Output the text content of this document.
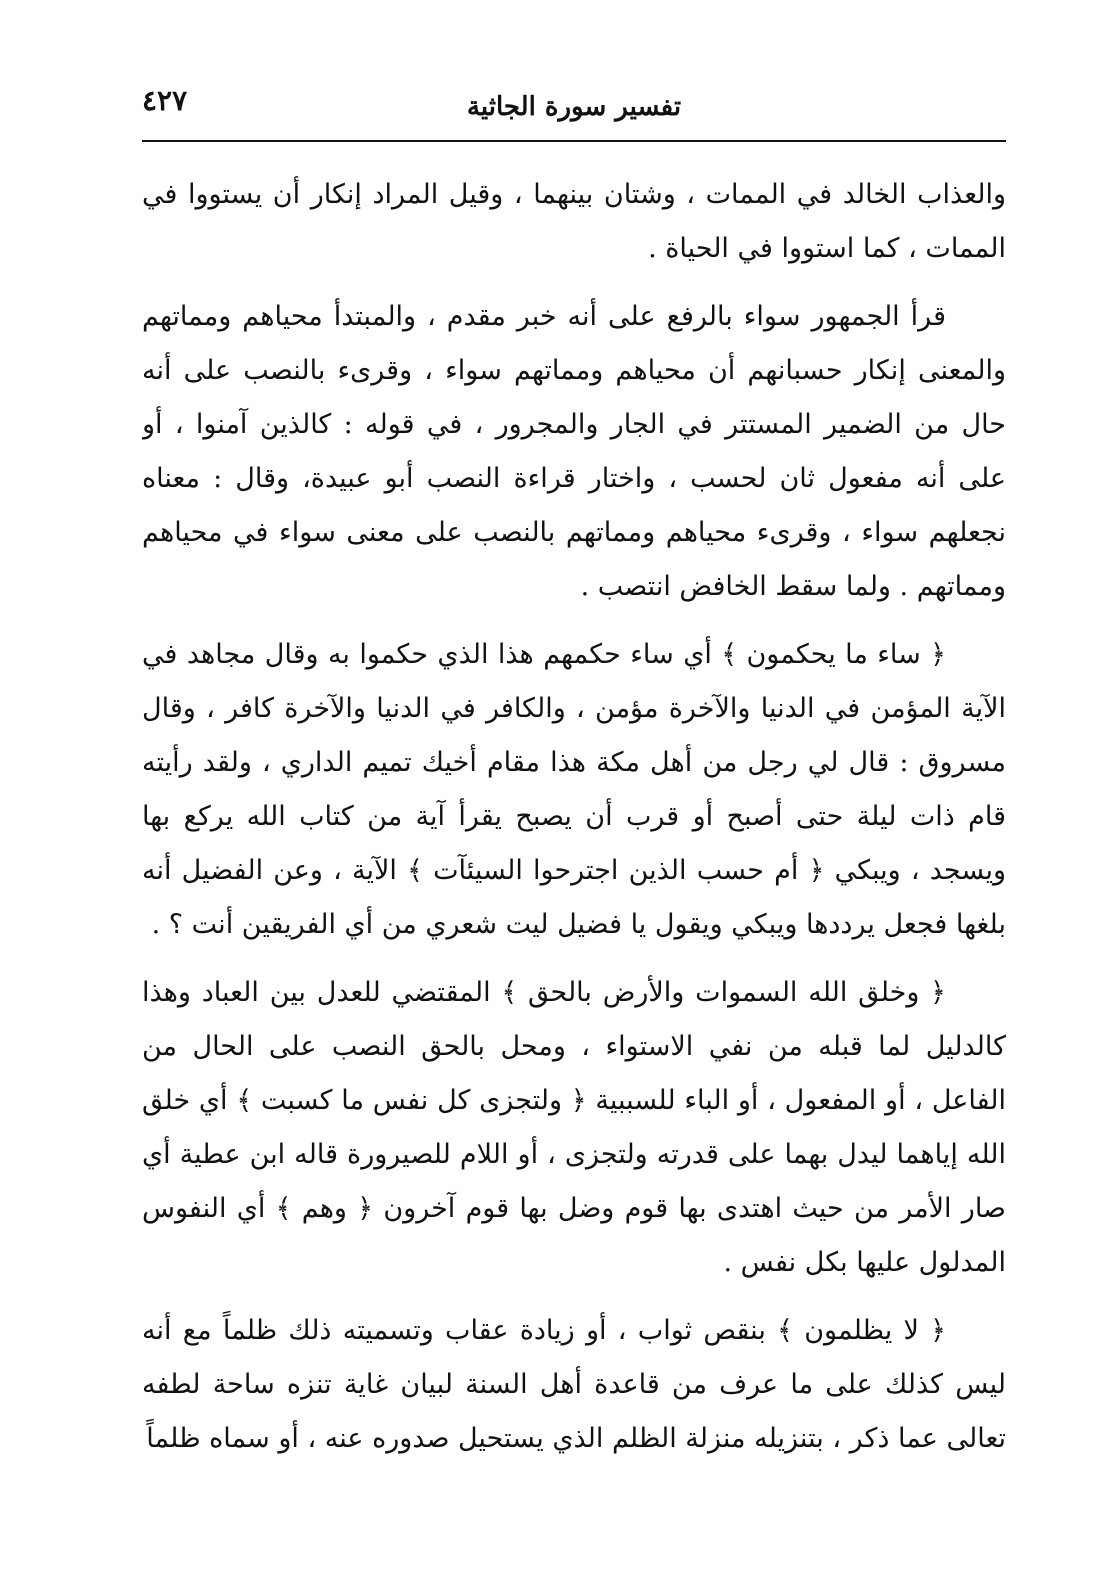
٤٢٧	تفسير سورة الجاثية

والعذاب الخالد في الممات ، وشتان بينهما ، وقيل المراد إنكار أن يستووا في الممات ، كما استووا في الحياة .

قرأ الجمهور سواء بالرفع على أنه خبر مقدم ، والمبتدأ محياهم ومماتهم والمعنى إنكار حسبانهم أن محياهم ومماتهم سواء ، وقرىء بالنصب على أنه حال من الضمير المستتر في الجار والمجرور ، في قوله : كالذين آمنوا ، أو على أنه مفعول ثان لحسب ، واختار قراءة النصب أبو عبيدة، وقال : معناه نجعلهم سواء ، وقرىء محياهم ومماتهم بالنصب على معنى سواء في محياهم ومماتهم . ولما سقط الخافض انتصب .

﴿ ساء ما يحكمون ﴾ أي ساء حكمهم هذا الذي حكموا به وقال مجاهد في الآية المؤمن في الدنيا والآخرة مؤمن ، والكافر في الدنيا والآخرة كافر ، وقال مسروق : قال لي رجل من أهل مكة هذا مقام أخيك تميم الداري ، ولقد رأيته قام ذات ليلة حتى أصبح أو قرب أن يصبح يقرأ آية من كتاب الله يركع بها ويسجد ، ويبكي ﴿ أم حسب الذين اجترحوا السيئآت ﴾ الآية ، وعن الفضيل أنه بلغها فجعل يرددها ويبكي ويقول يا فضيل ليت شعري من أي الفريقين أنت ؟ .

﴿ وخلق الله السموات والأرض بالحق ﴾ المقتضي للعدل بين العباد وهذا كالدليل لما قبله من نفي الاستواء ، ومحل بالحق النصب على الحال من الفاعل ، أو المفعول ، أو الباء للسببية ﴿ ولتجزى كل نفس ما كسبت ﴾ أي خلق الله إياهما ليدل بهما على قدرته ولتجزى ، أو اللام للصيرورة قاله ابن عطية أي صار الأمر من حيث اهتدى بها قوم وضل بها قوم آخرون ﴿ وهم ﴾ أي النفوس المدلول عليها بكل نفس .

﴿ لا يظلمون ﴾ بنقص ثواب ، أو زيادة عقاب وتسميته ذلك ظلماً مع أنه ليس كذلك على ما عرف من قاعدة أهل السنة لبيان غاية تنزه ساحة لطفه تعالى عما ذكر ، بتنزيله منزلة الظلم الذي يستحيل صدوره عنه ، أو سماه ظلماً
